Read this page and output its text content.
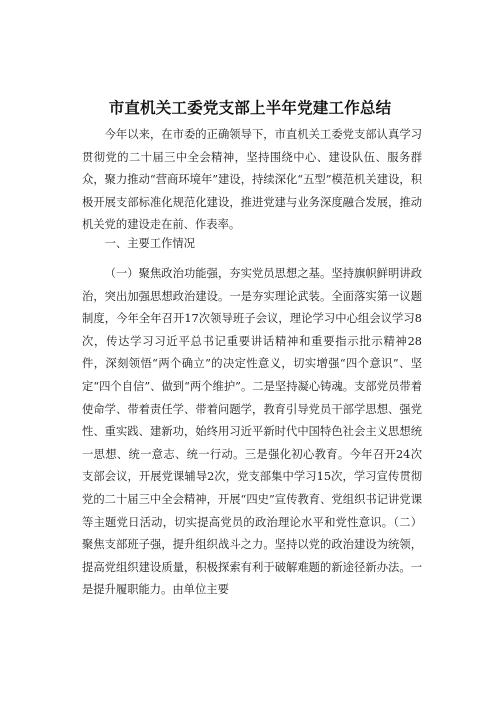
市直机关工委党支部上半年党建工作总结

今年以来，在市委的正确领导下，市直机关工委党支部认真学习贯彻党的二十届三中全会精神，坚持围绕中心、建设队伍、服务群众，聚力推动“营商环境年”建设，持续深化“五型”模范机关建设，积极开展支部标准化规范化建设，推进党建与业务深度融合发展，推动机关党的建设走在前、作表率。

一、主要工作情况

（一）聚焦政治功能强，夯实党员思想之基。坚持旗帜鲜明讲政治，突出加强思想政治建设。一是夯实理论武装。全面落实第一议题制度，今年全年召开17次领导班子会议，理论学习中心组会议学习8次，传达学习习近平总书记重要讲话精神和重要指示批示精神28件，深刻领悟“两个确立”的决定性意义，切实增强“四个意识”、坚定“四个自信”、做到“两个维护”。二是坚持凝心铸魂。支部党员带着使命学、带着责任学、带着问题学，教育引导党员干部学思想、强党性、重实践、建新功，始终用习近平新时代中国特色社会主义思想统一思想、统一意志、统一行动。三是强化初心教育。今年召开24次支部会议，开展党课辅导2次，党支部集中学习15次，学习宣传贯彻党的二十届三中全会精神，开展“四史”宣传教育、党组织书记讲党课等主题党日活动，切实提高党员的政治理论水平和党性意识。（二）聚焦支部班子强，提升组织战斗之力。坚持以党的政治建设为统领，提高党组织建设质量，积极探索有利于破解难题的新途径新办法。一是提升履职能力。由单位主要
